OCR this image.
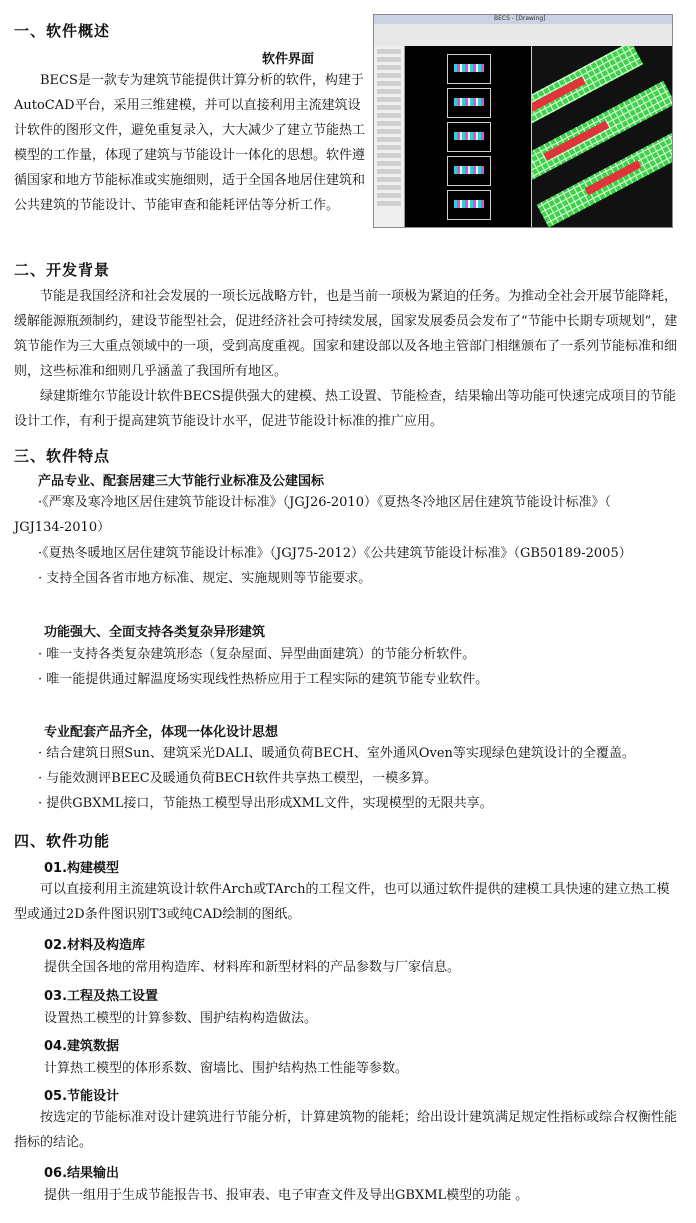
一、软件概述
软件界面

BECS是一款专为建筑节能提供计算分析的软件，构建于AutoCAD平台，采用三维建模，并可以直接利用主流建筑设计软件的图形文件，避免重复录入，大大减少了建立节能热工模型的工作量，体现了建筑与节能设计一体化的思想。软件遵循国家和地方节能标准或实施细则，适于全国各地居住建筑和公共建筑的节能设计、节能审查和能耗评估等分析工作。

BECS - [Drawing]
二、开发背景

节能是我国经济和社会发展的一项长远战略方针，也是当前一项极为紧迫的任务。为推动全社会开展节能降耗，缓解能源瓶颈制约，建设节能型社会，促进经济社会可持续发展，国家发展委员会发布了“节能中长期专项规划”，建筑节能作为三大重点领域中的一项，受到高度重视。国家和建设部以及各地主管部门相继颁布了一系列节能标准和细则，这些标准和细则几乎涵盖了我国所有地区。

绿建斯维尔节能设计软件BECS提供强大的建模、热工设置、节能检查，结果输出等功能可快速完成项目的节能设计工作，有利于提高建筑节能设计水平，促进节能设计标准的推广应用。

三、软件特点
产品专业、配套居建三大节能行业标准及公建国标
·《严寒及寒冷地区居住建筑节能设计标准》（JGJ26-2010）《夏热冬冷地区居住建筑节能设计标准》（
JGJ134-2010）
·《夏热冬暖地区居住建筑节能设计标准》（JGJ75-2012）《公共建筑节能设计标准》（GB50189-2005）
· 支持全国各省市地方标准、规定、实施规则等节能要求。
功能强大、全面支持各类复杂异形建筑
· 唯一支持各类复杂建筑形态（复杂屋面、异型曲面建筑）的节能分析软件。
· 唯一能提供通过解温度场实现线性热桥应用于工程实际的建筑节能专业软件。
专业配套产品齐全，体现一体化设计思想
· 结合建筑日照Sun、建筑采光DALI、暖通负荷BECH、室外通风Oven等实现绿色建筑设计的全覆盖。
· 与能效测评BEEC及暖通负荷BECH软件共享热工模型，一模多算。
· 提供GBXML接口，节能热工模型导出形成XML文件，实现模型的无限共享。
四、软件功能
01.构建模型

可以直接利用主流建筑设计软件Arch或TArch的工程文件，也可以通过软件提供的建模工具快速的建立热工模型或通过2D条件图识别T3或纯CAD绘制的图纸。

02.材料及构造库
提供全国各地的常用构造库、材料库和新型材料的产品参数与厂家信息。
03.工程及热工设置
设置热工模型的计算参数、围护结构构造做法。
04.建筑数据
计算热工模型的体形系数、窗墙比、围护结构热工性能等参数。
05.节能设计

按选定的节能标准对设计建筑进行节能分析，计算建筑物的能耗；给出设计建筑满足规定性指标或综合权衡性能指标的结论。

06.结果输出
提供一组用于生成节能报告书、报审表、电子审查文件及导出GBXML模型的功能 。
